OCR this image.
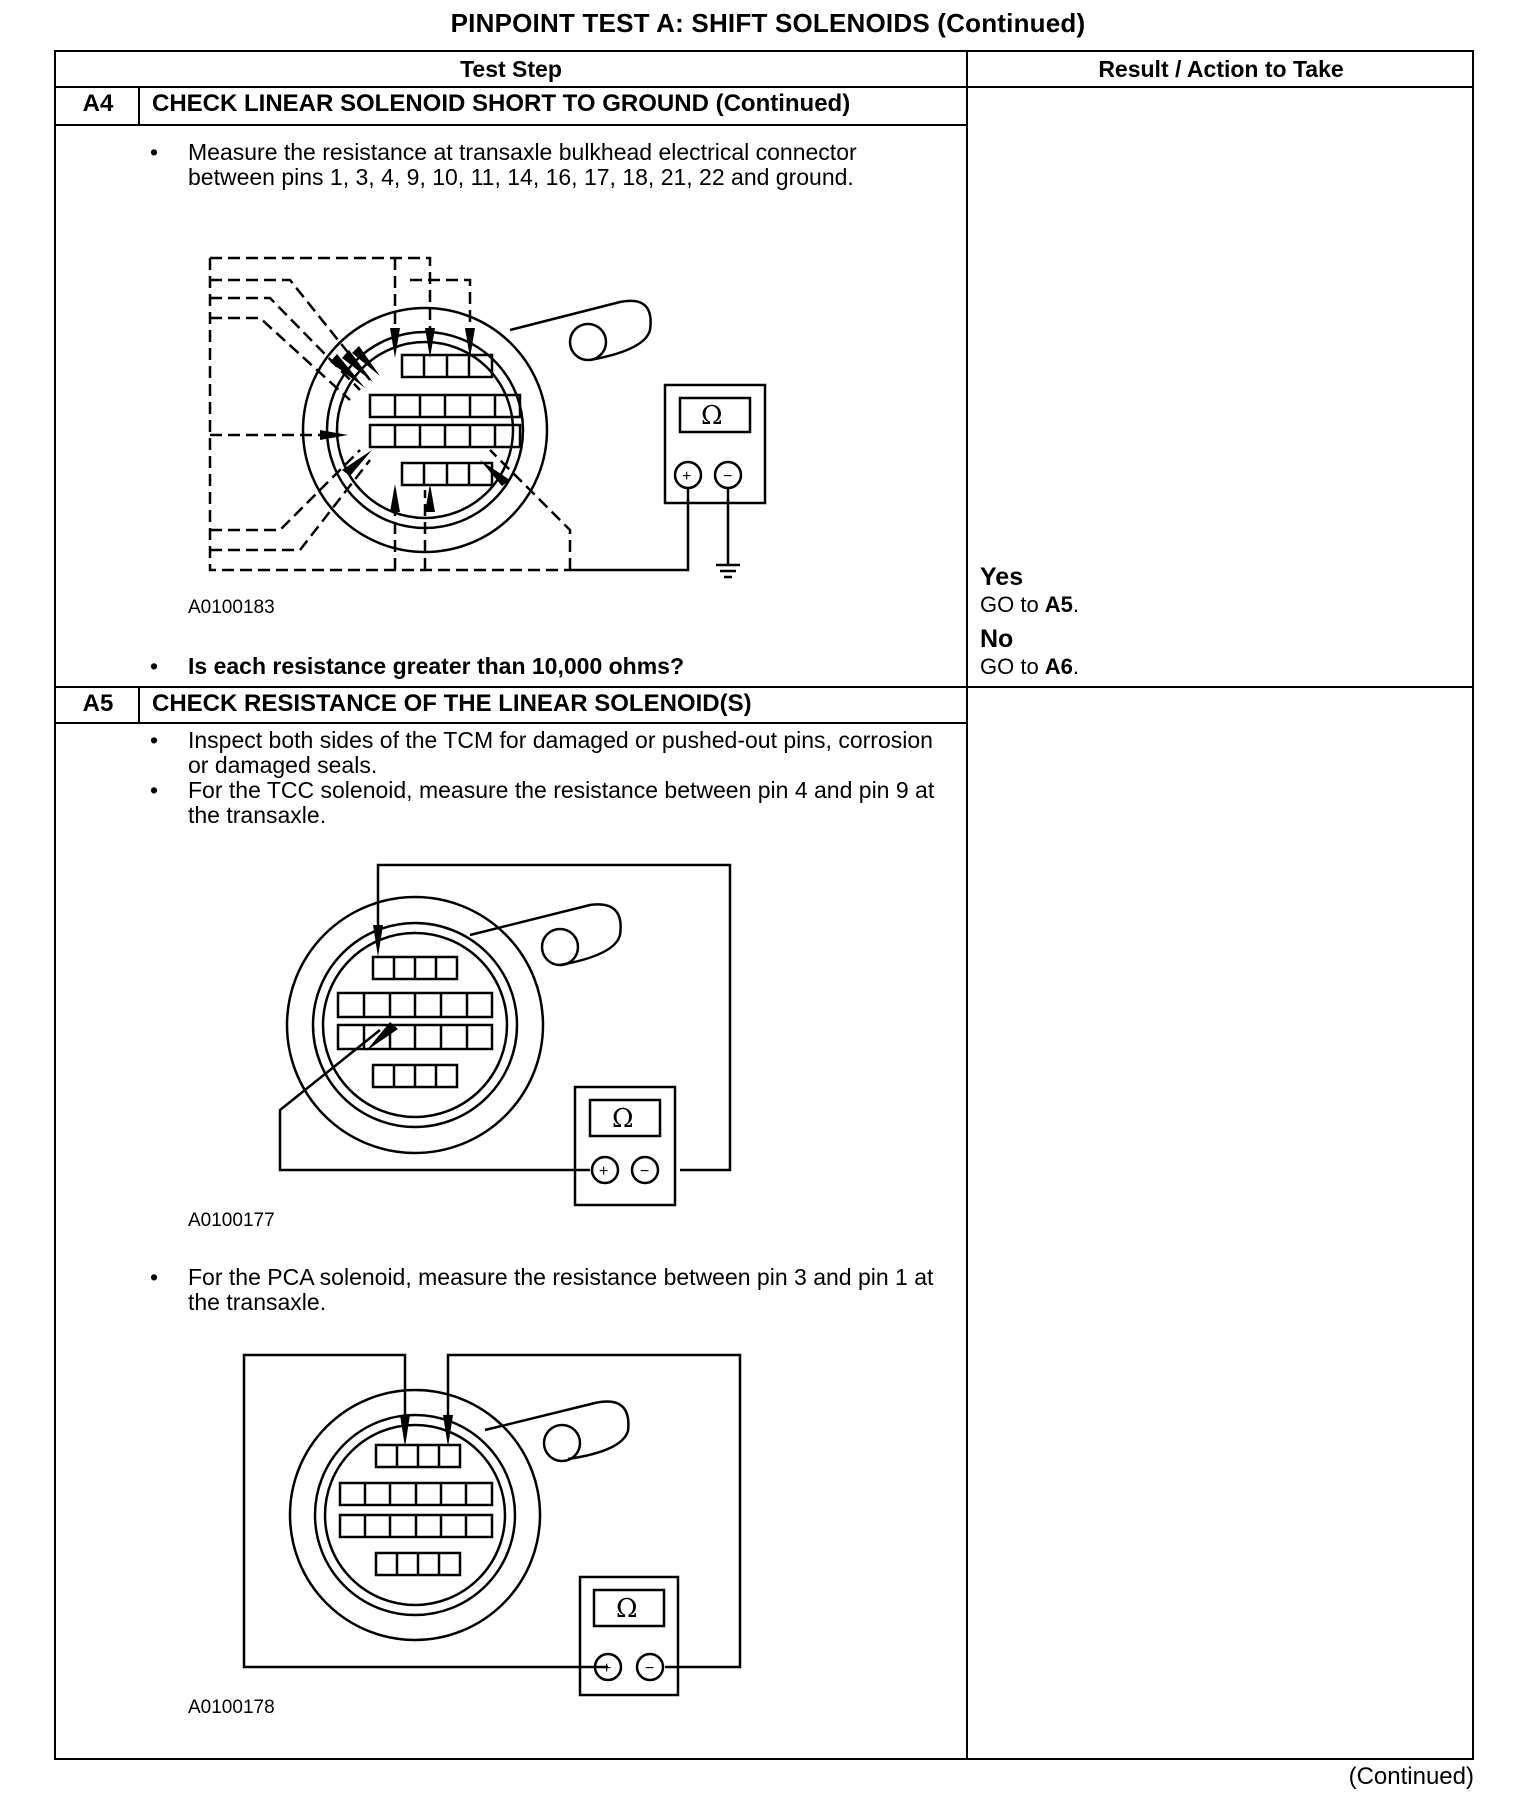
PINPOINT TEST A: SHIFT SOLENOIDS (Continued)
Test Step	Result / Action to Take
A4	CHECK LINEAR SOLENOID SHORT TO GROUND (Continued)
• Measure the resistance at transaxle bulkhead electrical connector between pins 1, 3, 4, 9, 10, 11, 14, 16, 17, 18, 21, 22 and ground.
Ω
+ −
A0100183
• Is each resistance greater than 10,000 ohms?
Yes
GO to A5.
No
GO to A6.
A5	CHECK RESISTANCE OF THE LINEAR SOLENOID(S)
• Inspect both sides of the TCM for damaged or pushed-out pins, corrosion or damaged seals.
• For the TCC solenoid, measure the resistance between pin 4 and pin 9 at the transaxle.
Ω
+ −
A0100177
• For the PCA solenoid, measure the resistance between pin 3 and pin 1 at the transaxle.
Ω
+ −
A0100178
(Continued)
